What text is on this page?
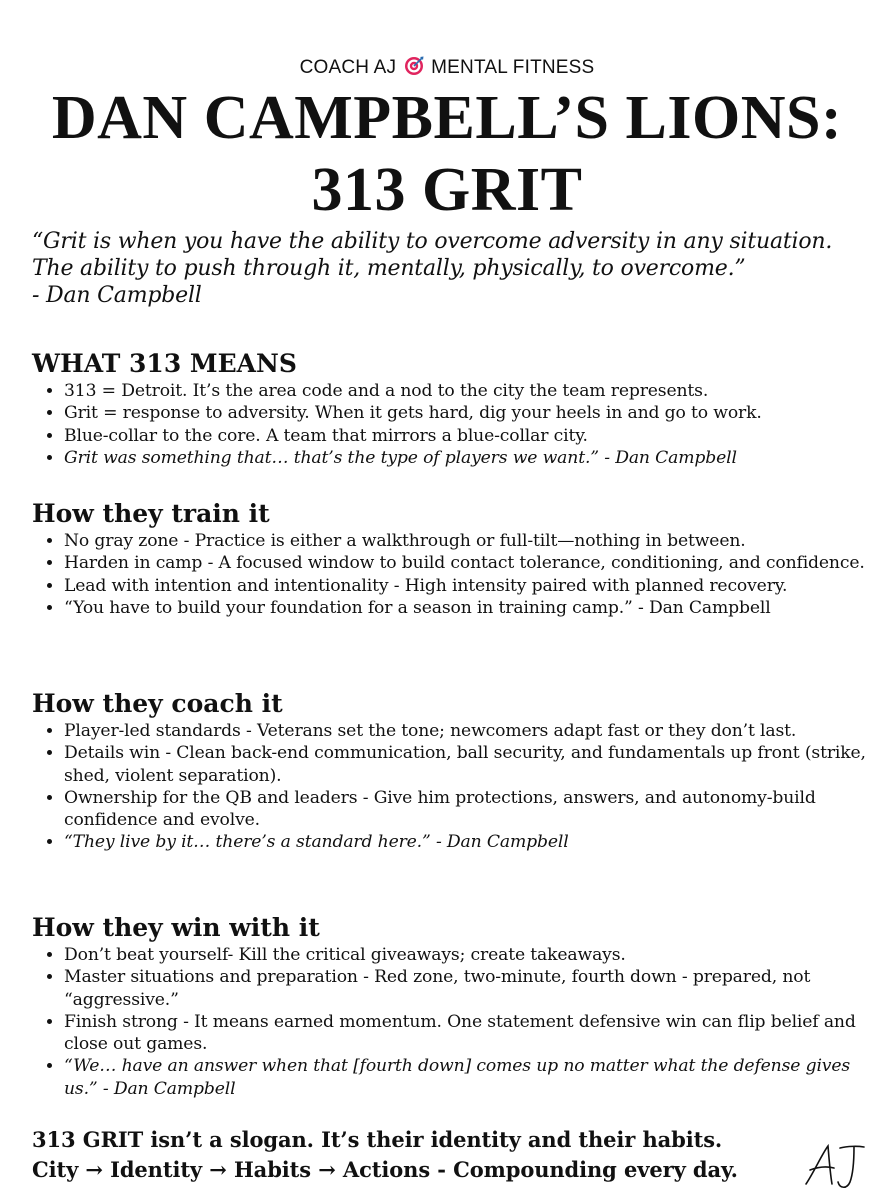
COACH AJ MENTAL FITNESS
DAN CAMPBELL’S LIONS:
313 GRIT

“Grit is when you have the ability to overcome adversity in any situation.

The ability to push through it, mentally, physically, to overcome.”

- Dan Campbell

WHAT 313 MEANS
• 313 = Detroit. It’s the area code and a nod to the city the team represents.
• Grit = response to adversity. When it gets hard, dig your heels in and go to work.
• Blue-collar to the core. A team that mirrors a blue-collar city.
• Grit was something that… that’s the type of players we want.” - Dan Campbell
How they train it
• No gray zone - Practice is either a walkthrough or full-tilt—nothing in between.
• Harden in camp - A focused window to build contact tolerance, conditioning, and confidence.
• Lead with intention and intentionality - High intensity paired with planned recovery.
• “You have to build your foundation for a season in training camp.” - Dan Campbell
How they coach it
• Player-led standards - Veterans set the tone; newcomers adapt fast or they don’t last.
• Details win - Clean back-end communication, ball security, and fundamentals up front (strike, shed, violent separation).
• Ownership for the QB and leaders - Give him protections, answers, and autonomy-build confidence and evolve.
• “They live by it… there’s a standard here.” - Dan Campbell
How they win with it
• Don’t beat yourself- Kill the critical giveaways; create takeaways.
• Master situations and preparation - Red zone, two-minute, fourth down - prepared, not “aggressive.”
• Finish strong - It means earned momentum. One statement defensive win can flip belief and close out games.
• “We… have an answer when that [fourth down] comes up no matter what the defense gives us.” - Dan Campbell
313 GRIT isn’t a slogan. It’s their identity and their habits.
City → Identity → Habits → Actions - Compounding every day.
